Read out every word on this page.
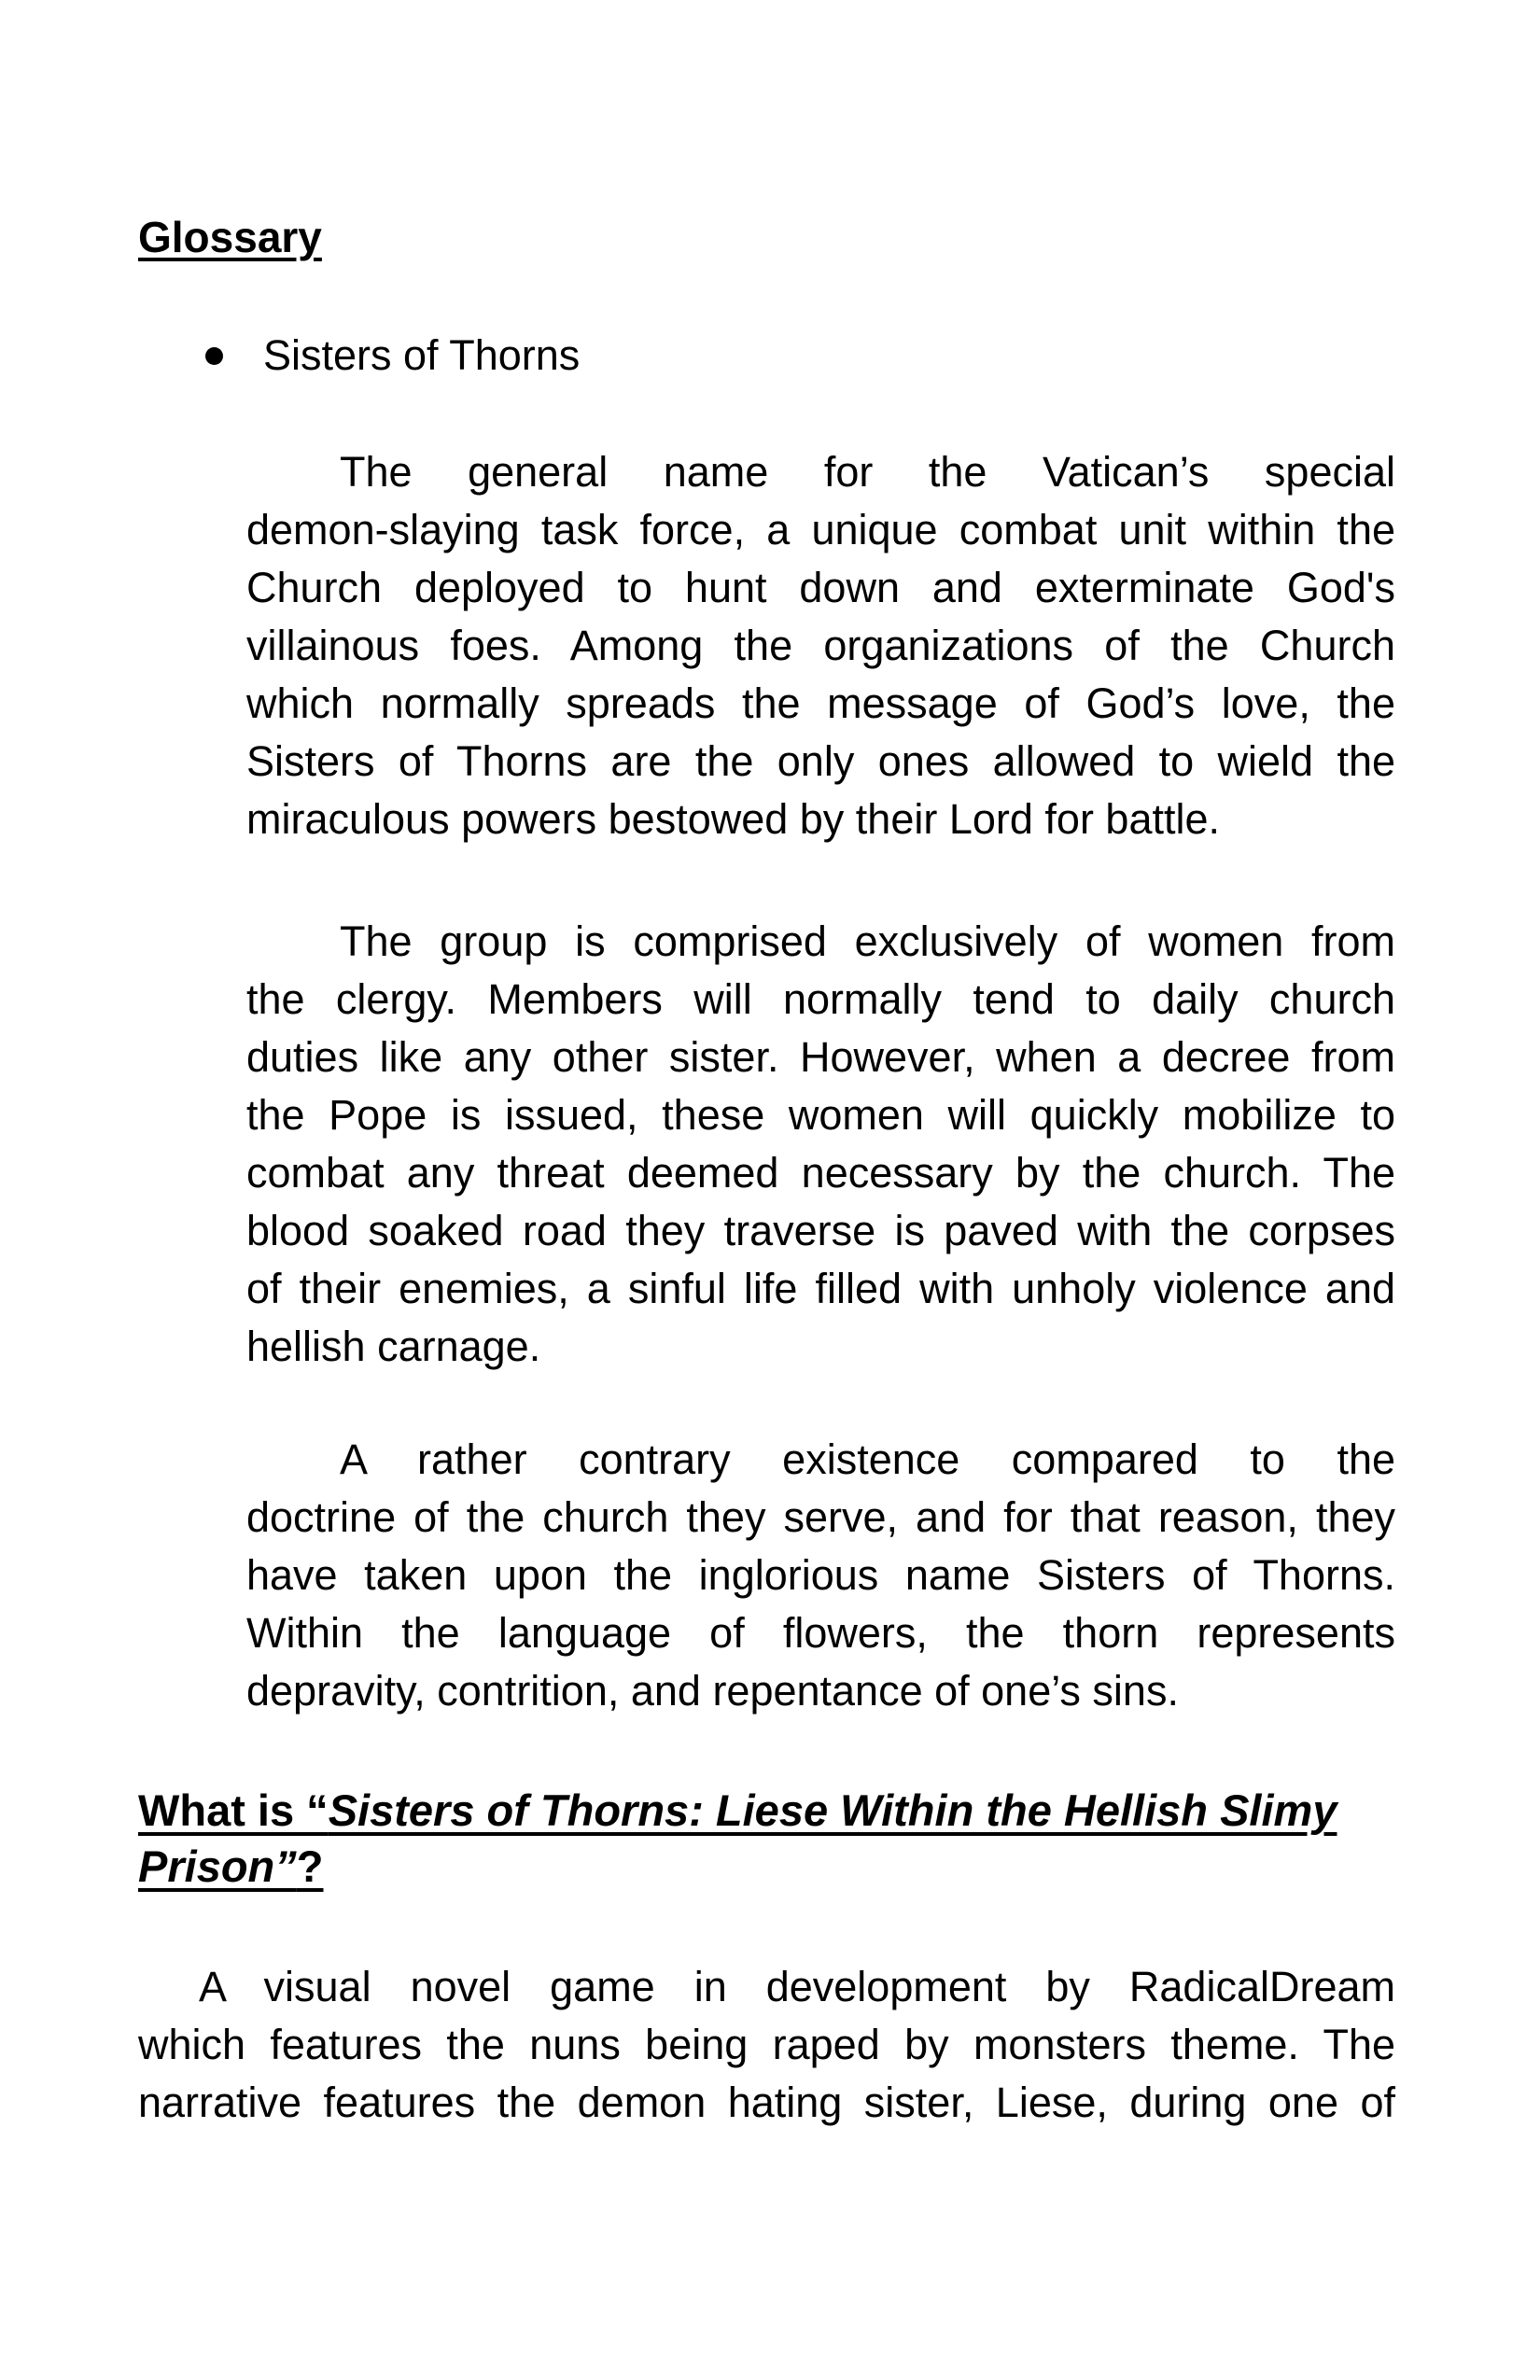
Glossary
Sisters of Thorns
The general name for the Vatican’s special
demon-slaying task force, a unique combat unit within the
Church deployed to hunt down and exterminate God's
villainous foes. Among the organizations of the Church
which normally spreads the message of God’s love, the
Sisters of Thorns are the only ones allowed to wield the
miraculous powers bestowed by their Lord for battle.
The group is comprised exclusively of women from
the clergy. Members will normally tend to daily church
duties like any other sister. However, when a decree from
the Pope is issued, these women will quickly mobilize to
combat any threat deemed necessary by the church. The
blood soaked road they traverse is paved with the corpses
of their enemies, a sinful life filled with unholy violence and
hellish carnage.
A rather contrary existence compared to the
doctrine of the church they serve, and for that reason, they
have taken upon the inglorious name Sisters of Thorns.
Within the language of flowers, the thorn represents
depravity, contrition, and repentance of one’s sins.
What is “Sisters of Thorns: Liese Within the Hellish Slimy
Prison”?
A visual novel game in development by RadicalDream
which features the nuns being raped by monsters theme. The
narrative features the demon hating sister, Liese, during one of
